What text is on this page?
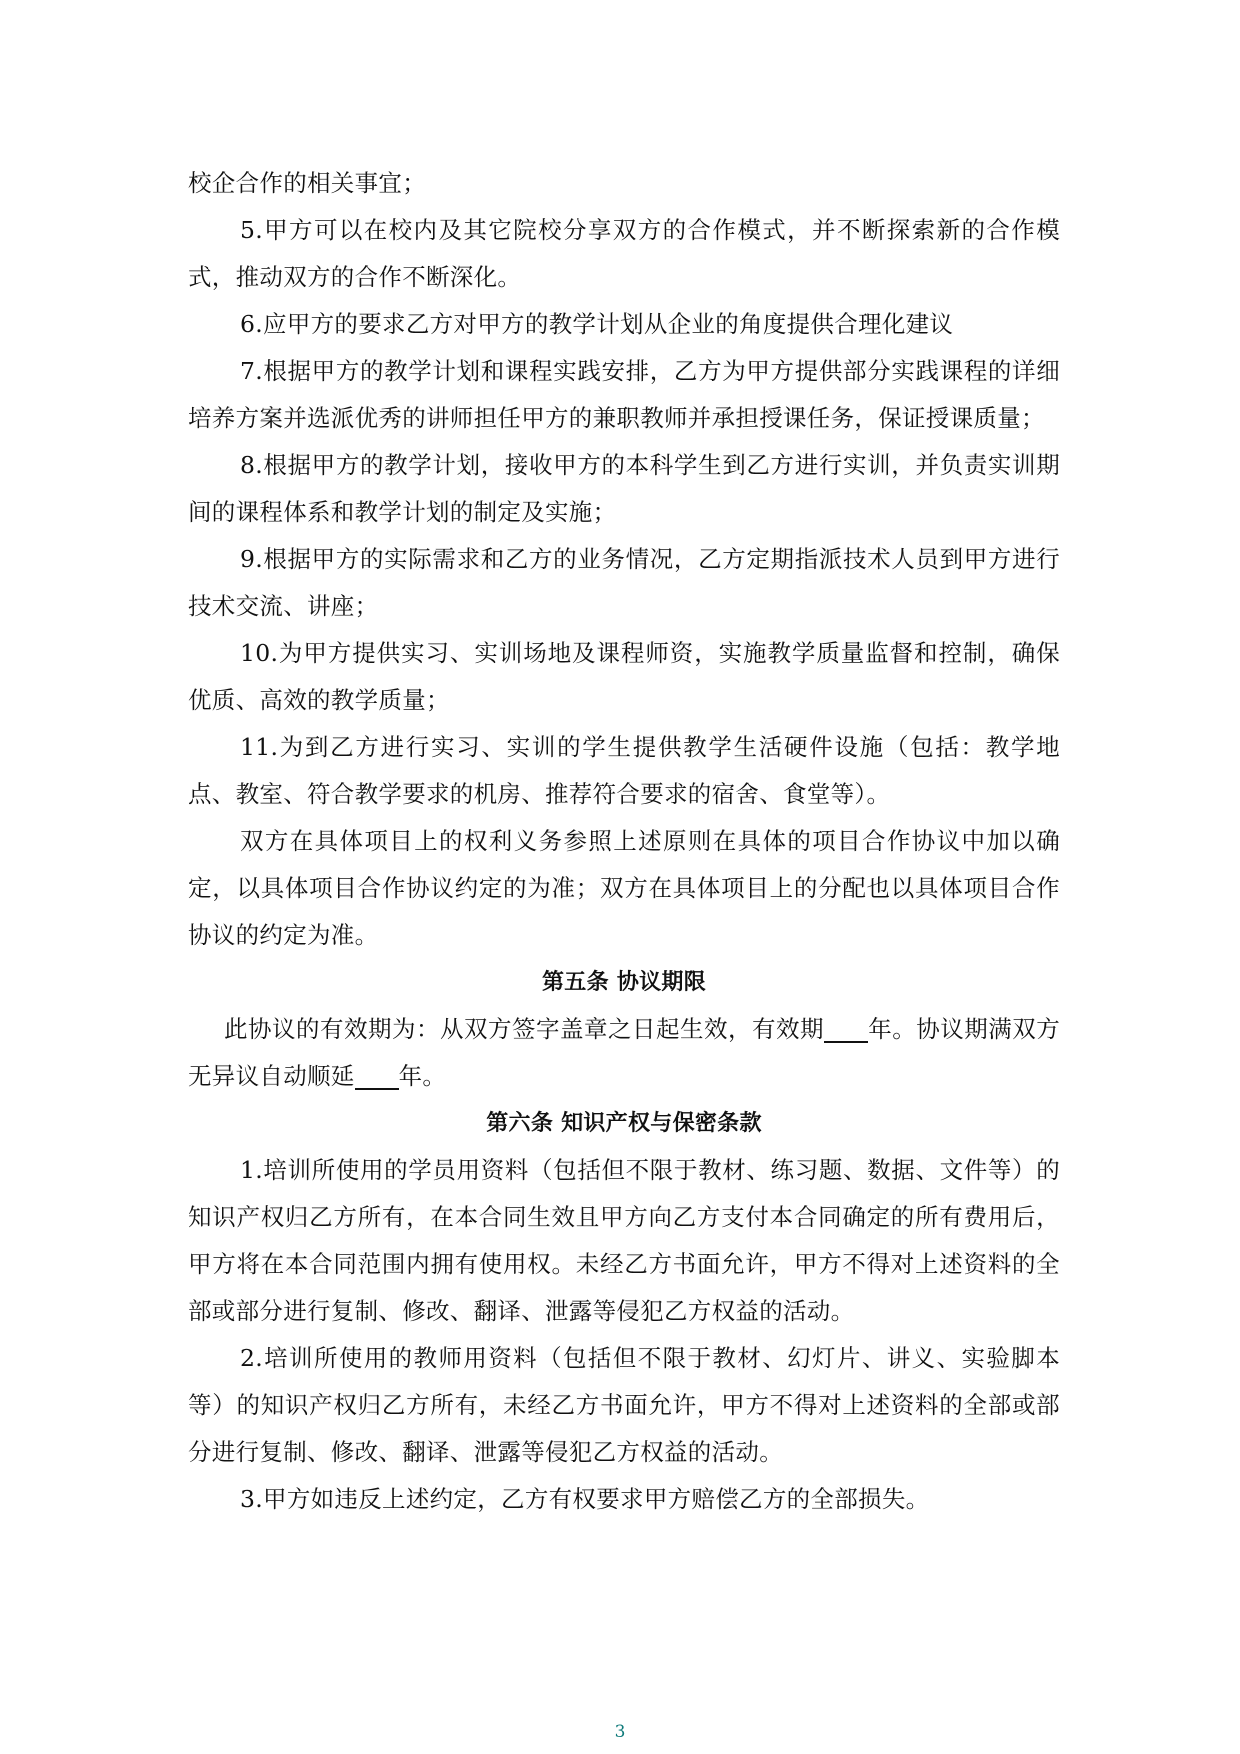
校企合作的相关事宜；

5.甲方可以在校内及其它院校分享双方的合作模式，并不断探索新的合作模式，推动双方的合作不断深化。

6.应甲方的要求乙方对甲方的教学计划从企业的角度提供合理化建议

7.根据甲方的教学计划和课程实践安排，乙方为甲方提供部分实践课程的详细培养方案并选派优秀的讲师担任甲方的兼职教师并承担授课任务，保证授课质量；

8.根据甲方的教学计划，接收甲方的本科学生到乙方进行实训，并负责实训期间的课程体系和教学计划的制定及实施；

9.根据甲方的实际需求和乙方的业务情况，乙方定期指派技术人员到甲方进行技术交流、讲座；

10.为甲方提供实习、实训场地及课程师资，实施教学质量监督和控制，确保优质、高效的教学质量；

11.为到乙方进行实习、实训的学生提供教学生活硬件设施（包括：教学地点、教室、符合教学要求的机房、推荐符合要求的宿舍、食堂等）。

双方在具体项目上的权利义务参照上述原则在具体的项目合作协议中加以确定，以具体项目合作协议约定的为准；双方在具体项目上的分配也以具体项目合作协议的约定为准。

第五条 协议期限

此协议的有效期为：从双方签字盖章之日起生效，有效期 年。协议期满双方无异议自动顺延 年。

第六条 知识产权与保密条款

1.培训所使用的学员用资料（包括但不限于教材、练习题、数据、文件等）的知识产权归乙方所有，在本合同生效且甲方向乙方支付本合同确定的所有费用后，甲方将在本合同范围内拥有使用权。未经乙方书面允许，甲方不得对上述资料的全部或部分进行复制、修改、翻译、泄露等侵犯乙方权益的活动。

2.培训所使用的教师用资料（包括但不限于教材、幻灯片、讲义、实验脚本等）的知识产权归乙方所有，未经乙方书面允许，甲方不得对上述资料的全部或部分进行复制、修改、翻译、泄露等侵犯乙方权益的活动。

3.甲方如违反上述约定，乙方有权要求甲方赔偿乙方的全部损失。

3
